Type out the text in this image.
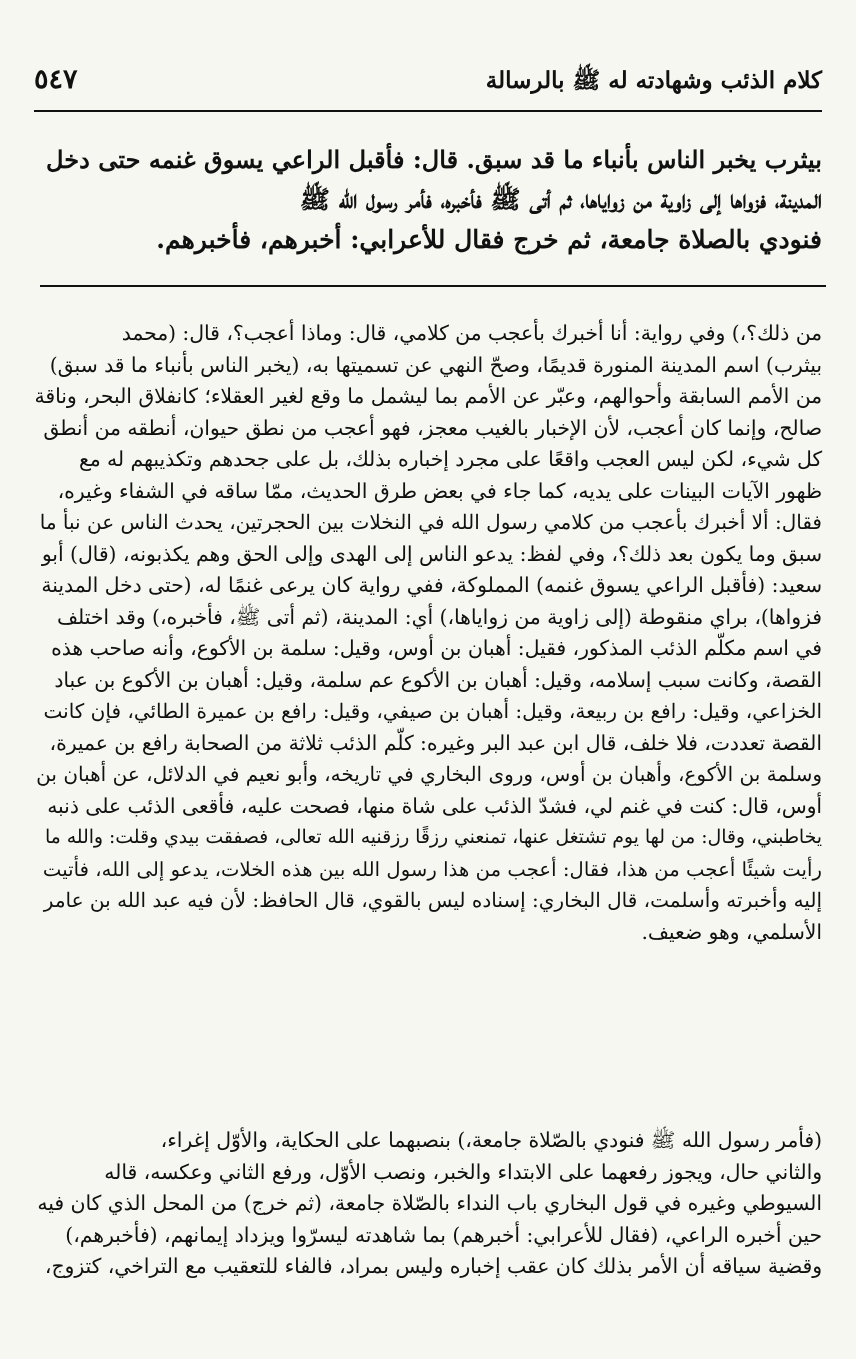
كلام الذئب وشهادته له ﷺ بالرسالة
٥٤٧
بيثرب يخبر الناس بأنباء ما قد سبق. قال: فأقبل الراعي يسوق غنمه حتى دخل
المدينة، فزواها إلى زاوية من زواياها، ثم أتى ﷺ فأخبره، فأمر رسول الله ﷺ
فنودي بالصلاة جامعة، ثم خرج فقال للأعرابي: أخبرهم، فأخبرهم.
من ذلك؟،) وفي رواية: أنا أخبرك بأعجب من كلامي، قال: وماذا أعجب؟، قال: (محمد
بيثرب) اسم المدينة المنورة قديمًا، وصحّ النهي عن تسميتها به، (يخبر الناس بأنباء ما قد سبق)
من الأمم السابقة وأحوالهم، وعبّر عن الأمم بما ليشمل ما وقع لغير العقلاء؛ كانفلاق البحر، وناقة
صالح، وإنما كان أعجب، لأن الإخبار بالغيب معجز، فهو أعجب من نطق حيوان، أنطقه من أنطق
كل شيء، لكن ليس العجب واقعًا على مجرد إخباره بذلك، بل على جحدهم وتكذيبهم له مع
ظهور الآيات البينات على يديه، كما جاء في بعض طرق الحديث، ممّا ساقه في الشفاء وغيره،
فقال: ألا أخبرك بأعجب من كلامي رسول الله في النخلات بين الحجرتين، يحدث الناس عن نبأ ما
سبق وما يكون بعد ذلك؟، وفي لفظ: يدعو الناس إلى الهدى وإلى الحق وهم يكذبونه، (قال) أبو
سعيد: (فأقبل الراعي يسوق غنمه) المملوكة، ففي رواية كان يرعى غنمًا له، (حتى دخل المدينة
فزواها)، براي منقوطة (إلى زاوية من زواياها،) أي: المدينة، (ثم أتى ﷺ، فأخبره،) وقد اختلف
في اسم مكلّم الذئب المذكور، فقيل: أهبان بن أوس، وقيل: سلمة بن الأكوع، وأنه صاحب هذه
القصة، وكانت سبب إسلامه، وقيل: أهبان بن الأكوع عم سلمة، وقيل: أهبان بن الأكوع بن عباد
الخزاعي، وقيل: رافع بن ربيعة، وقيل: أهبان بن صيفي، وقيل: رافع بن عميرة الطائي، فإن كانت
القصة تعددت، فلا خلف، قال ابن عبد البر وغيره: كلّم الذئب ثلاثة من الصحابة رافع بن عميرة،
وسلمة بن الأكوع، وأهبان بن أوس، وروى البخاري في تاريخه، وأبو نعيم في الدلائل، عن أهبان بن
أوس، قال: كنت في غنم لي، فشدّ الذئب على شاة منها، فصحت عليه، فأقعى الذئب على ذنبه
يخاطبني، وقال: من لها يوم تشتغل عنها، تمنعني رزقًا رزقنيه الله تعالى، فصفقت بيدي وقلت: والله ما
رأيت شيئًا أعجب من هذا، فقال: أعجب من هذا رسول الله بين هذه الخلات، يدعو إلى الله، فأتيت
إليه وأخبرته وأسلمت، قال البخاري: إسناده ليس بالقوي، قال الحافظ: لأن فيه عبد الله بن عامر
الأسلمي، وهو ضعيف.
(فأمر رسول الله ﷺ فنودي بالصّلاة جامعة،) بنصبهما على الحكاية، والأوّل إغراء،
والثاني حال، ويجوز رفعهما على الابتداء والخبر، ونصب الأوّل، ورفع الثاني وعكسه، قاله
السيوطي وغيره في قول البخاري باب النداء بالصّلاة جامعة، (ثم خرج) من المحل الذي كان فيه
حين أخبره الراعي، (فقال للأعرابي: أخبرهم) بما شاهدته ليسرّوا ويزداد إيمانهم، (فأخبرهم،)
وقضية سياقه أن الأمر بذلك كان عقب إخباره وليس بمراد، فالفاء للتعقيب مع التراخي، كتزوج،
